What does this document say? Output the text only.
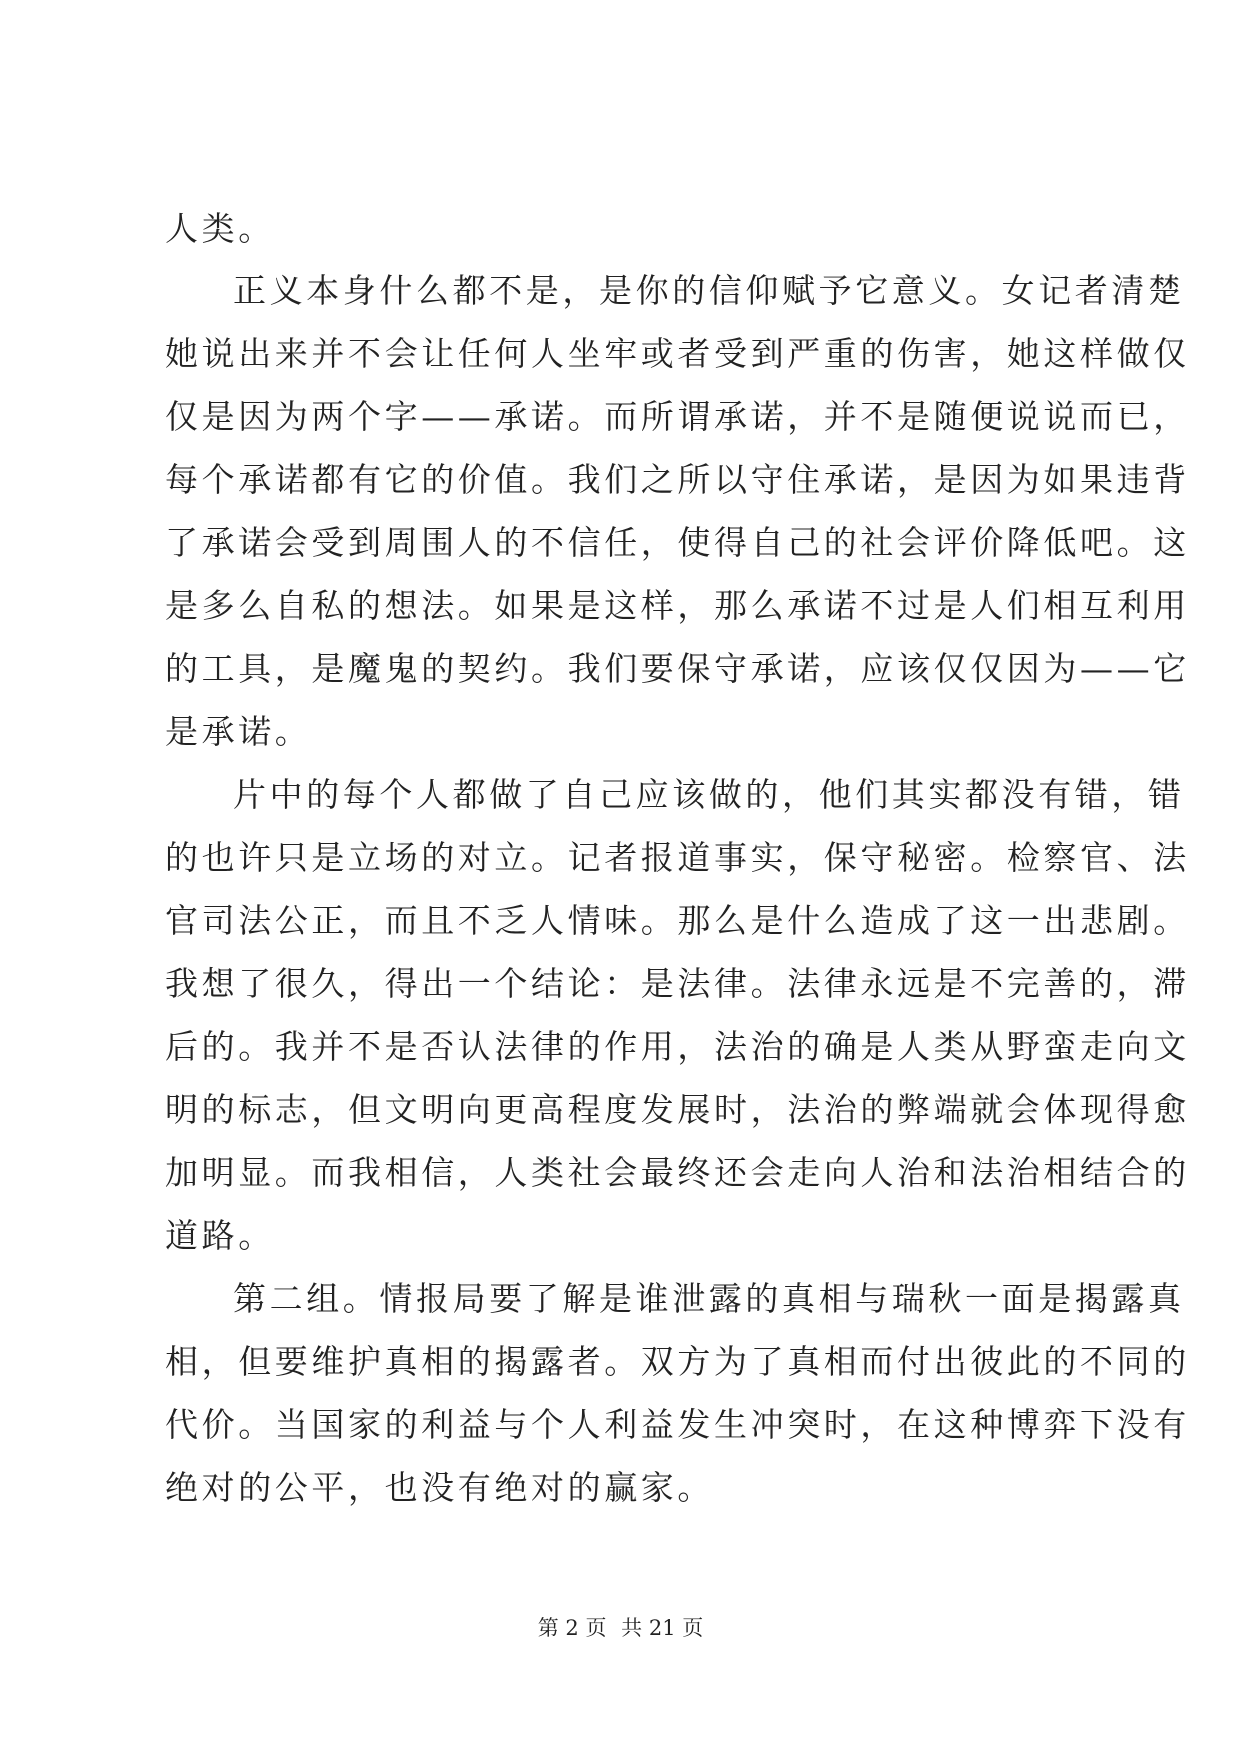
人类。
正义本身什么都不是，是你的信仰赋予它意义。女记者清楚
她说出来并不会让任何人坐牢或者受到严重的伤害，她这样做仅
仅是因为两个字——承诺。而所谓承诺，并不是随便说说而已，
每个承诺都有它的价值。我们之所以守住承诺，是因为如果违背
了承诺会受到周围人的不信任，使得自己的社会评价降低吧。这
是多么自私的想法。如果是这样，那么承诺不过是人们相互利用
的工具，是魔鬼的契约。我们要保守承诺，应该仅仅因为——它
是承诺。
片中的每个人都做了自己应该做的，他们其实都没有错，错
的也许只是立场的对立。记者报道事实，保守秘密。检察官、法
官司法公正，而且不乏人情味。那么是什么造成了这一出悲剧。
我想了很久，得出一个结论：是法律。法律永远是不完善的，滞
后的。我并不是否认法律的作用，法治的确是人类从野蛮走向文
明的标志，但文明向更高程度发展时，法治的弊端就会体现得愈
加明显。而我相信，人类社会最终还会走向人治和法治相结合的
道路。
第二组。情报局要了解是谁泄露的真相与瑞秋一面是揭露真
相，但要维护真相的揭露者。双方为了真相而付出彼此的不同的
代价。当国家的利益与个人利益发生冲突时，在这种博弈下没有
绝对的公平，也没有绝对的赢家。
第 2 页 共 21 页
